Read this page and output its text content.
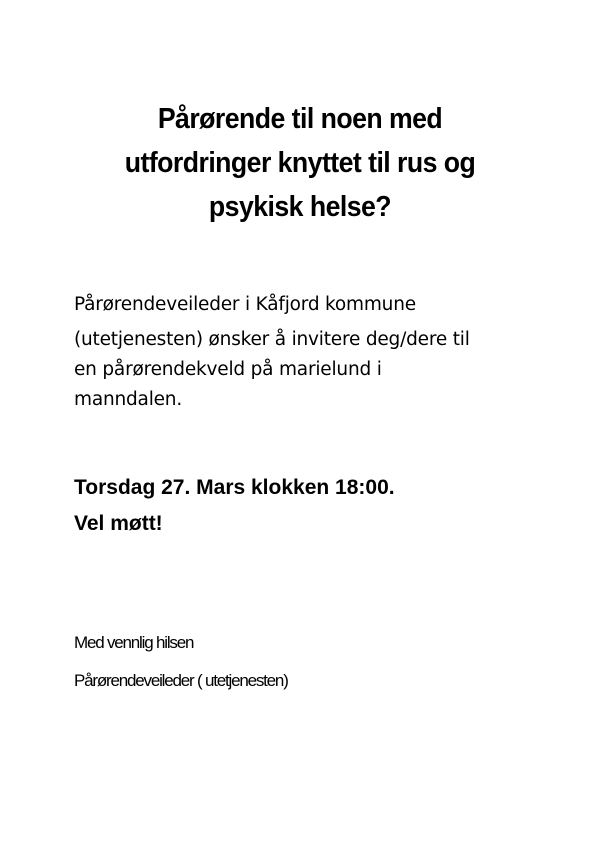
Pårørende til noen med
utfordringer knyttet til rus og
psykisk helse?
Pårørendeveileder i Kåfjord kommune
(utetjenesten) ønsker å invitere deg/dere til
en pårørendekveld på marielund i
manndalen.
Torsdag 27. Mars klokken 18:00.
Vel møtt!
Med vennlig hilsen
Pårørendeveileder ( utetjenesten)
